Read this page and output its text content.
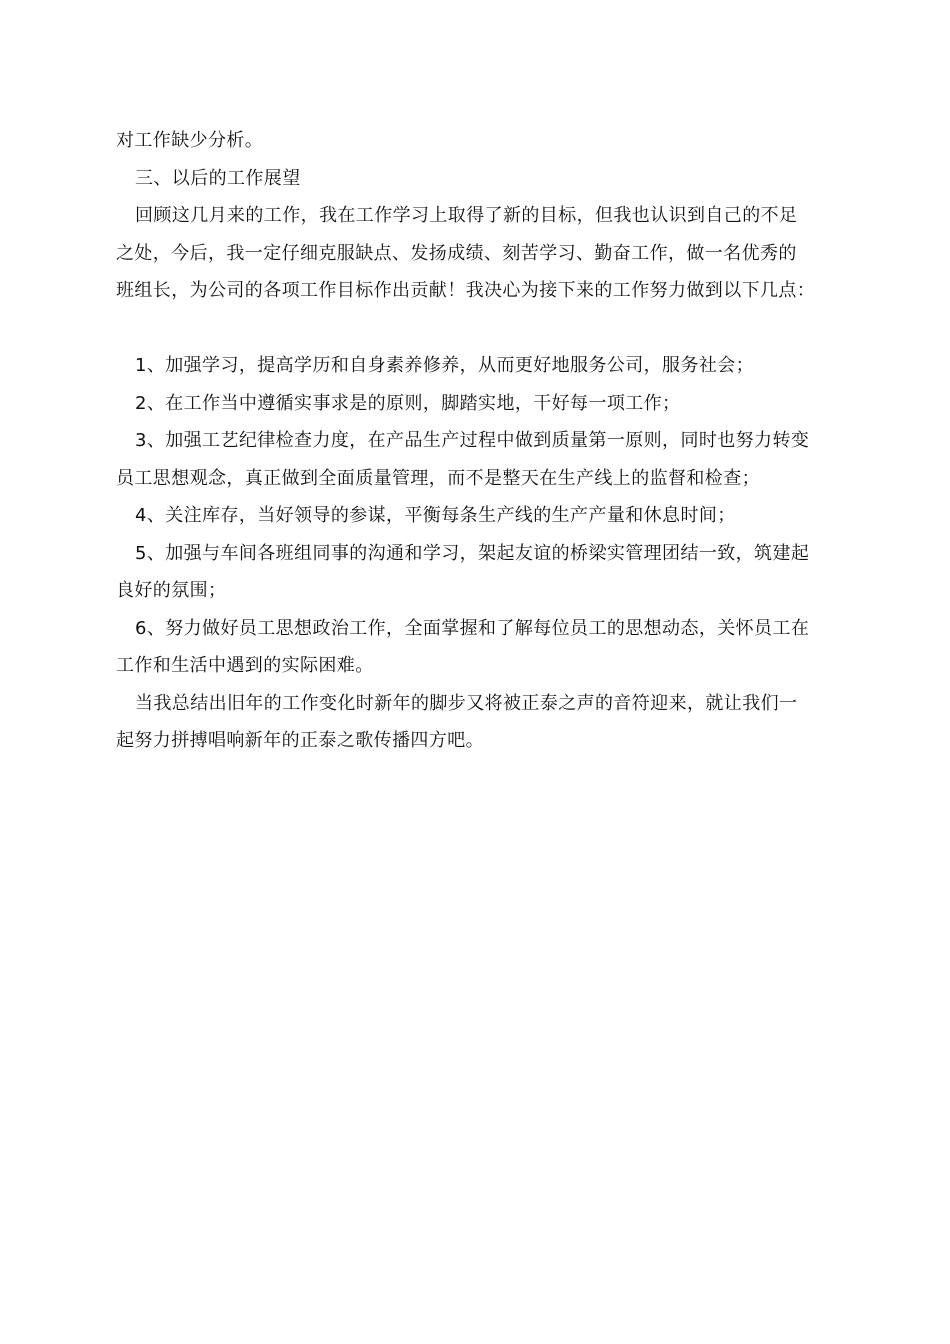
对工作缺少分析。
三、以后的工作展望
回顾这几月来的工作，我在工作学习上取得了新的目标，但我也认识到自己的不足
之处，今后，我一定仔细克服缺点、发扬成绩、刻苦学习、勤奋工作，做一名优秀的
班组长，为公司的各项工作目标作出贡献！我决心为接下来的工作努力做到以下几点：
1、加强学习，提高学历和自身素养修养，从而更好地服务公司，服务社会；
2、在工作当中遵循实事求是的原则，脚踏实地，干好每一项工作；
3、加强工艺纪律检查力度，在产品生产过程中做到质量第一原则，同时也努力转变
员工思想观念，真正做到全面质量管理，而不是整天在生产线上的监督和检查；
4、关注库存，当好领导的参谋，平衡每条生产线的生产产量和休息时间；
5、加强与车间各班组同事的沟通和学习，架起友谊的桥梁实管理团结一致，筑建起
良好的氛围；
6、努力做好员工思想政治工作，全面掌握和了解每位员工的思想动态，关怀员工在
工作和生活中遇到的实际困难。
当我总结出旧年的工作变化时新年的脚步又将被正泰之声的音符迎来，就让我们一
起努力拼搏唱响新年的正泰之歌传播四方吧。
